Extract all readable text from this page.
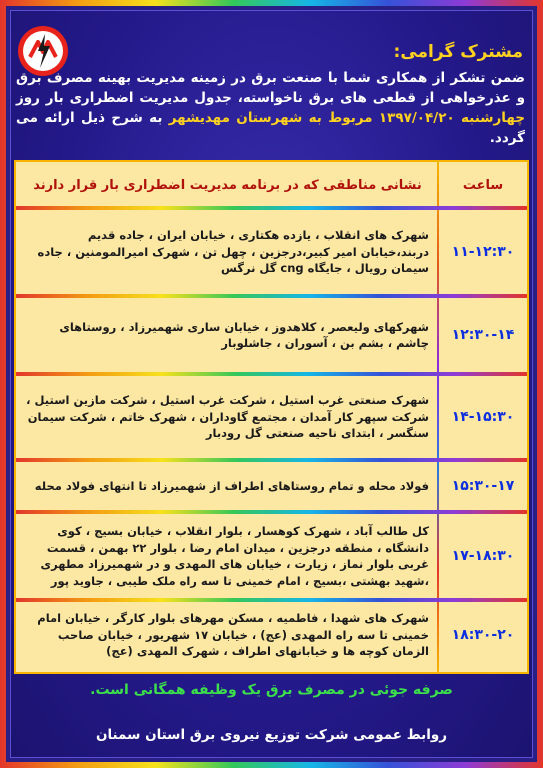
مشترک گرامی:
ضمن تشکر از همکاری شما با صنعت برق در زمینه مدیریت بهینه مصرف برق و عذرخواهی از قطعی های برق ناخواسته، جدول مدیریت اضطراری بار روز چهارشنبه ۱۳۹۷/۰۴/۲۰ مربوط به شهرستان مهدیشهر به شرح ذیل ارائه می گردد.
ساعت
نشانی مناطقی که در برنامه مدیریت اضطراری بار قرار دارند
۱۱-۱۲:۳۰
شهرک های انقلاب ، یازده هکتاری ، خیابان ایران ، جاده قدیم دربند،خیابان امیر کبیر،درجزین ، چهل تن ، شهرک امیرالمومنین ، جاده سیمان رویال ، جایگاه cng گل نرگس
۱۲:۳۰-۱۴
شهرکهای ولیعصر ، کلاهدوز ، خیابان ساری شهمیرزاد ، روستاهای چاشم ، بشم بن ، آسوران ، جاشلوبار
۱۴-۱۵:۳۰
شهرک صنعتی غرب استیل ، شرکت غرب استیل ، شرکت مازین استیل ، شرکت سپهر کار آمدان ، مجتمع گاوداران ، شهرک خاتم ، شرکت سیمان سنگسر ، ابتدای ناحیه صنعتی گل رودبار
۱۵:۳۰-۱۷
فولاد محله و تمام روستاهای اطراف از شهمیرزاد تا انتهای فولاد محله
۱۷-۱۸:۳۰
کل طالب آباد ، شهرک کوهسار ، بلوار انقلاب ، خیابان بسیج ، کوی دانشگاه ، منطقه درجزین ، میدان امام رضا ، بلوار ۲۲ بهمن ، قسمت غربی بلوار نماز ، زیارت ، خیابان های المهدی و در شهمیرزاد مطهری ،شهید بهشتی ،بسیج ، امام خمینی تا سه راه ملک طیبی ، جاوید پور
۱۸:۳۰-۲۰
شهرک های شهدا ، فاطمیه ، مسکن مهرهای بلوار کارگر ، خیابان امام خمینی تا سه راه المهدی (عج) ، خیابان ۱۷ شهریور ، خیابان صاحب الزمان کوچه ها و خیابانهای اطراف ، شهرک المهدی (عج)
صرفه جوئی در مصرف برق یک وظیفه همگانی است.
روابط عمومی شرکت توزیع نیروی برق استان سمنان
